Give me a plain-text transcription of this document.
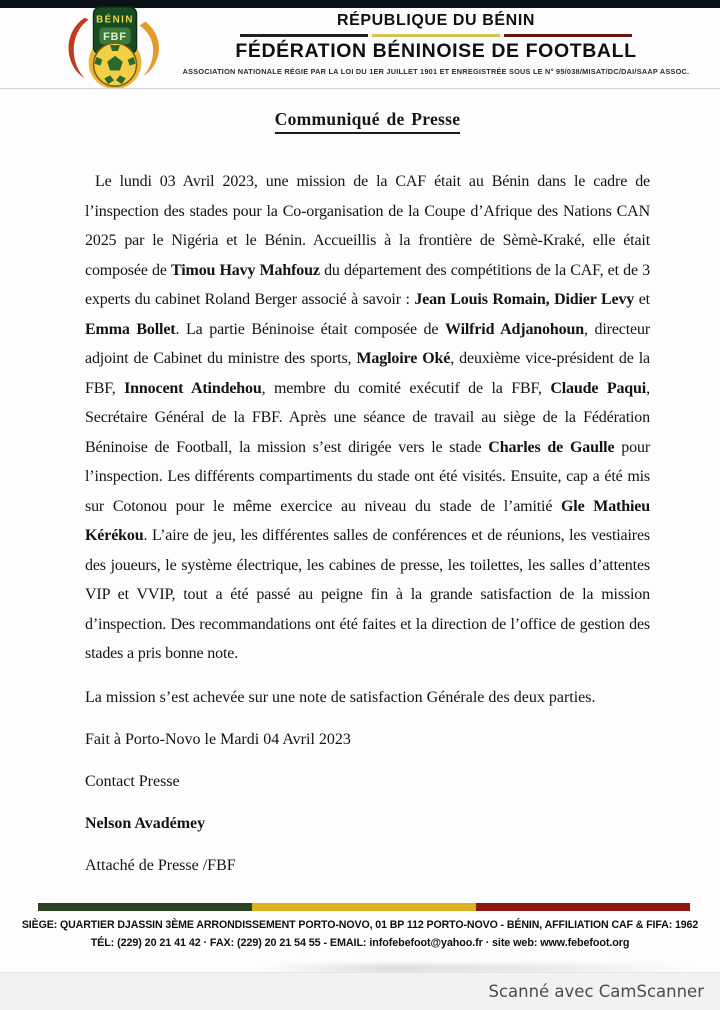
BÉNIN
FBF
RÉPUBLIQUE DU BÉNIN
FÉDÉRATION BÉNINOISE DE FOOTBALL
ASSOCIATION NATIONALE RÉGIE PAR LA LOI DU 1ER JUILLET 1901 ET ENREGISTRÉE SOUS LE N° 95/038/MISAT/DC/DAI/SAAP ASSOC.
Communiqué de Presse

Le lundi 03 Avril 2023, une mission de la CAF était au Bénin dans le cadre de l’inspection des stades pour la Co-organisation de la Coupe d’Afrique des Nations CAN 2025 par le Nigéria et le Bénin. Accueillis à la frontière de Sèmè-Kraké, elle était composée de Timou Havy Mahfouz du département des compétitions de la CAF, et de 3 experts du cabinet Roland Berger associé à savoir : Jean Louis Romain, Didier Levy et Emma Bollet. La partie Béninoise était composée de Wilfrid Adjanohoun, directeur adjoint de Cabinet du ministre des sports, Magloire Oké, deuxième vice-président de la FBF, Innocent Atindehou, membre du comité exécutif de la FBF, Claude Paqui, Secrétaire Général de la FBF. Après une séance de travail au siège de la Fédération Béninoise de Football, la mission s’est dirigée vers le stade Charles de Gaulle pour l’inspection. Les différents compartiments du stade ont été visités. Ensuite, cap a été mis sur Cotonou pour le même exercice au niveau du stade de l’amitié Gle Mathieu Kérékou. L’aire de jeu, les différentes salles de conférences et de réunions, les vestiaires des joueurs, le système électrique, les cabines de presse, les toilettes, les salles d’attentes VIP et VVIP, tout a été passé au peigne fin à la grande satisfaction de la mission d’inspection. Des recommandations ont été faites et la direction de l’office de gestion des stades a pris bonne note.

La mission s’est achevée sur une note de satisfaction Générale des deux parties.

Fait à Porto-Novo le Mardi 04 Avril 2023

Contact Presse

Nelson Avadémey

Attaché de Presse /FBF

SIÈGE: QUARTIER DJASSIN 3ÈME ARRONDISSEMENT PORTO-NOVO, 01 BP 112 PORTO-NOVO - BÉNIN, AFFILIATION CAF & FIFA: 1962
TÉL: (229) 20 21 41 42 · FAX: (229) 20 21 54 55 - EMAIL: infofebefoot@yahoo.fr · site web: www.febefoot.org
Scanné avec CamScanner
